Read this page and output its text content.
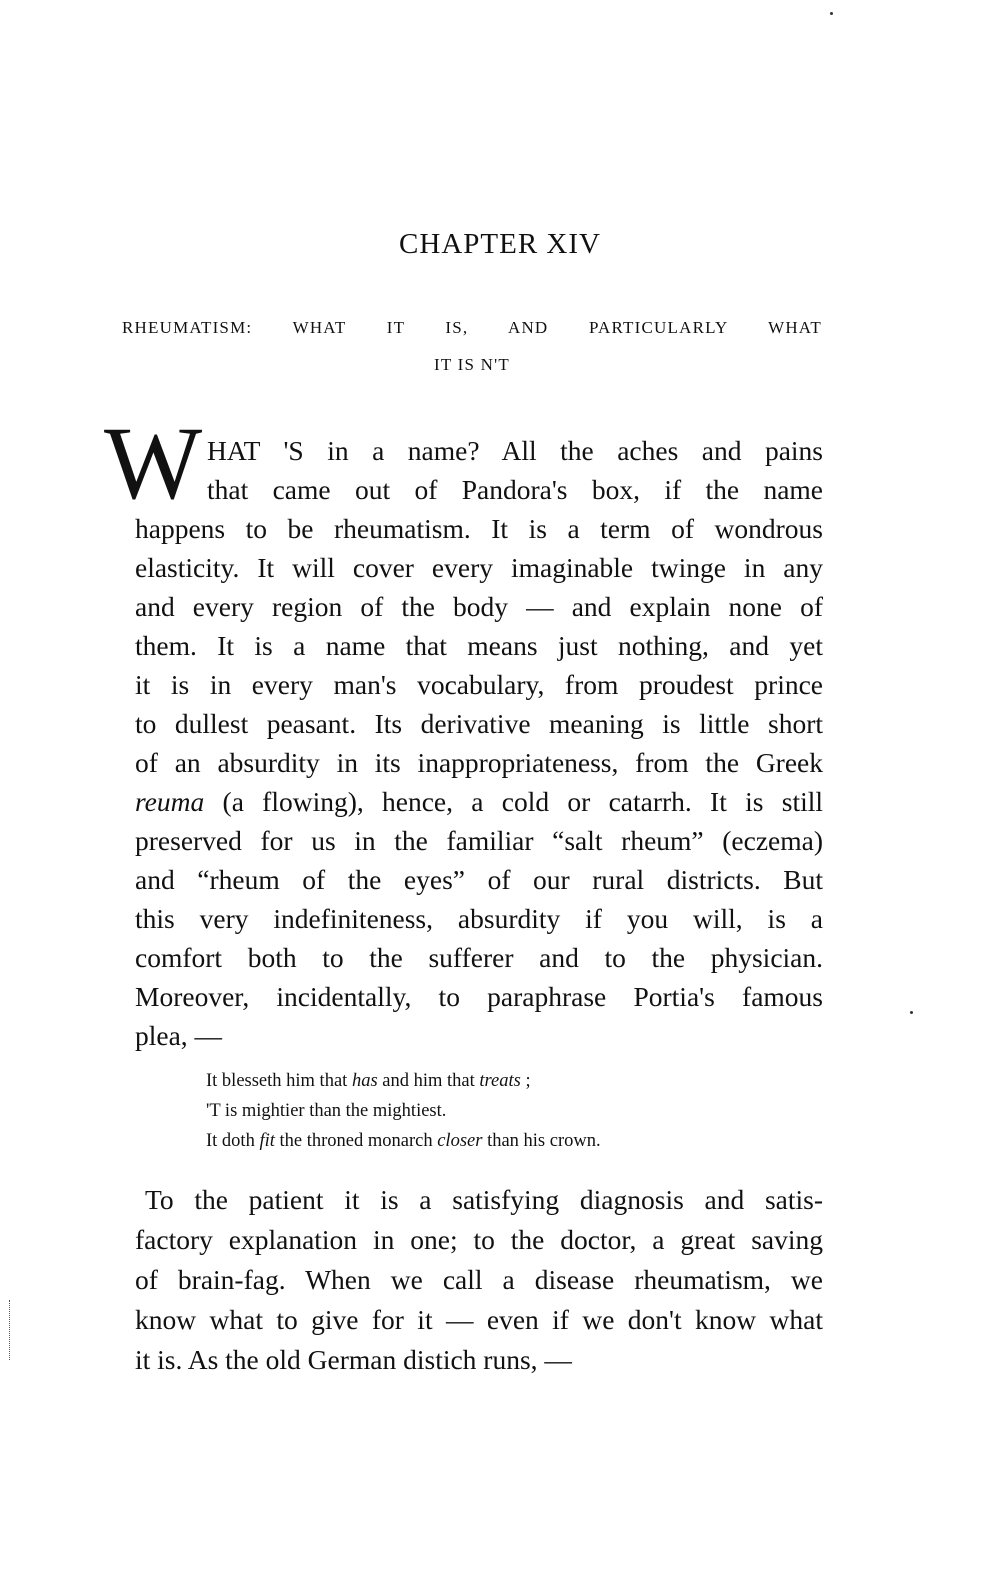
CHAPTER XIV
RHEUMATISM: WHAT IT IS, AND PARTICULARLY WHAT
IT IS N'T
W HAT 'S in a name? All the aches and pains
that came out of Pandora's box, if the name
happens to be rheumatism. It is a term of wondrous
elasticity. It will cover every imaginable twinge in any
and every region of the body — and explain none of
them. It is a name that means just nothing, and yet
it is in every man's vocabulary, from proudest prince
to dullest peasant. Its derivative meaning is little short
of an absurdity in its inappropriateness, from the Greek
reuma (a flowing), hence, a cold or catarrh. It is still
preserved for us in the familiar “salt rheum” (eczema)
and “rheum of the eyes” of our rural districts. But
this very indefiniteness, absurdity if you will, is a
comfort both to the sufferer and to the physician.
Moreover, incidentally, to paraphrase Portia's famous
plea, —
It blesseth him that has and him that treats ;
'T is mightier than the mightiest.
It doth fit the throned monarch closer than his crown.
To the patient it is a satisfying diagnosis and satis-
factory explanation in one; to the doctor, a great saving
of brain-fag. When we call a disease rheumatism, we
know what to give for it — even if we don't know what
it is. As the old German distich runs, —
